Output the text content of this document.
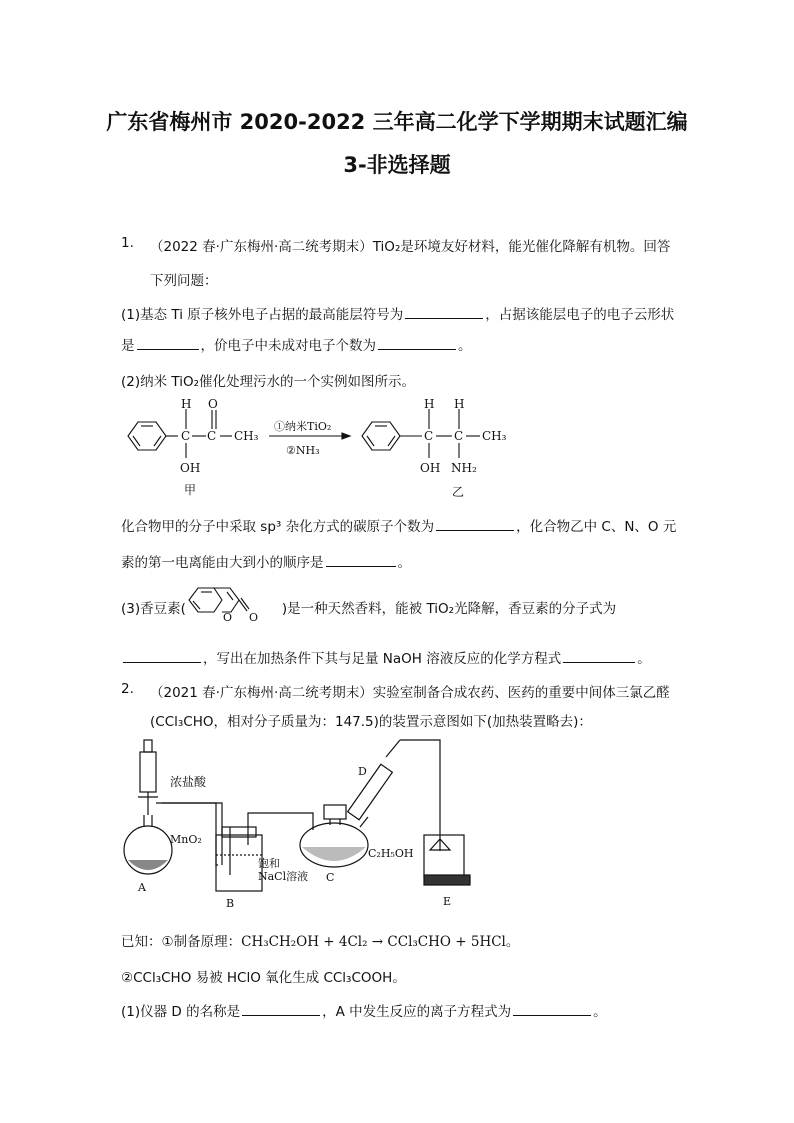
广东省梅州市 2020-2022 三年高二化学下学期期末试题汇编
3-非选择题
1. （2022 春·广东梅州·高二统考期末）TiO₂是环境友好材料，能光催化降解有机物。回答
下列问题：
(1)基态 Ti 原子核外电子占据的最高能层符号为	，占据该能层电子的电子云形状
是	，价电子中未成对电子个数为	。
(2)纳米 TiO₂催化处理污水的一个实例如图所示。
H
C
OH
O
C CH₃
甲
①纳米TiO₂
②NH₃
H
C
OH
H
C CH₃
NH₂
乙
化合物甲的分子中采取 sp³ 杂化方式的碳原子个数为	，化合物乙中 C、N、O 元
素的第一电离能由大到小的顺序是	。
(3)香豆素(	)是一种天然香料，能被 TiO₂光降解，香豆素的分子式为
O O
，写出在加热条件下其与足量 NaOH 溶液反应的化学方程式	。
2. （2021 春·广东梅州·高二统考期末）实验室制备合成农药、医药的重要中间体三氯乙醛
(CCl₃CHO，相对分子质量为：147.5)的装置示意图如下(加热装置略去)：
浓盐酸
MnO₂
A
饱和
NaCl溶液
B
C₂H₅OH
C
D
E
已知：①制备原理：CH₃CH₂OH + 4Cl₂ → CCl₃CHO + 5HCl。
②CCl₃CHO 易被 HClO 氧化生成 CCl₃COOH。
(1)仪器 D 的名称是	，A 中发生反应的离子方程式为	。
